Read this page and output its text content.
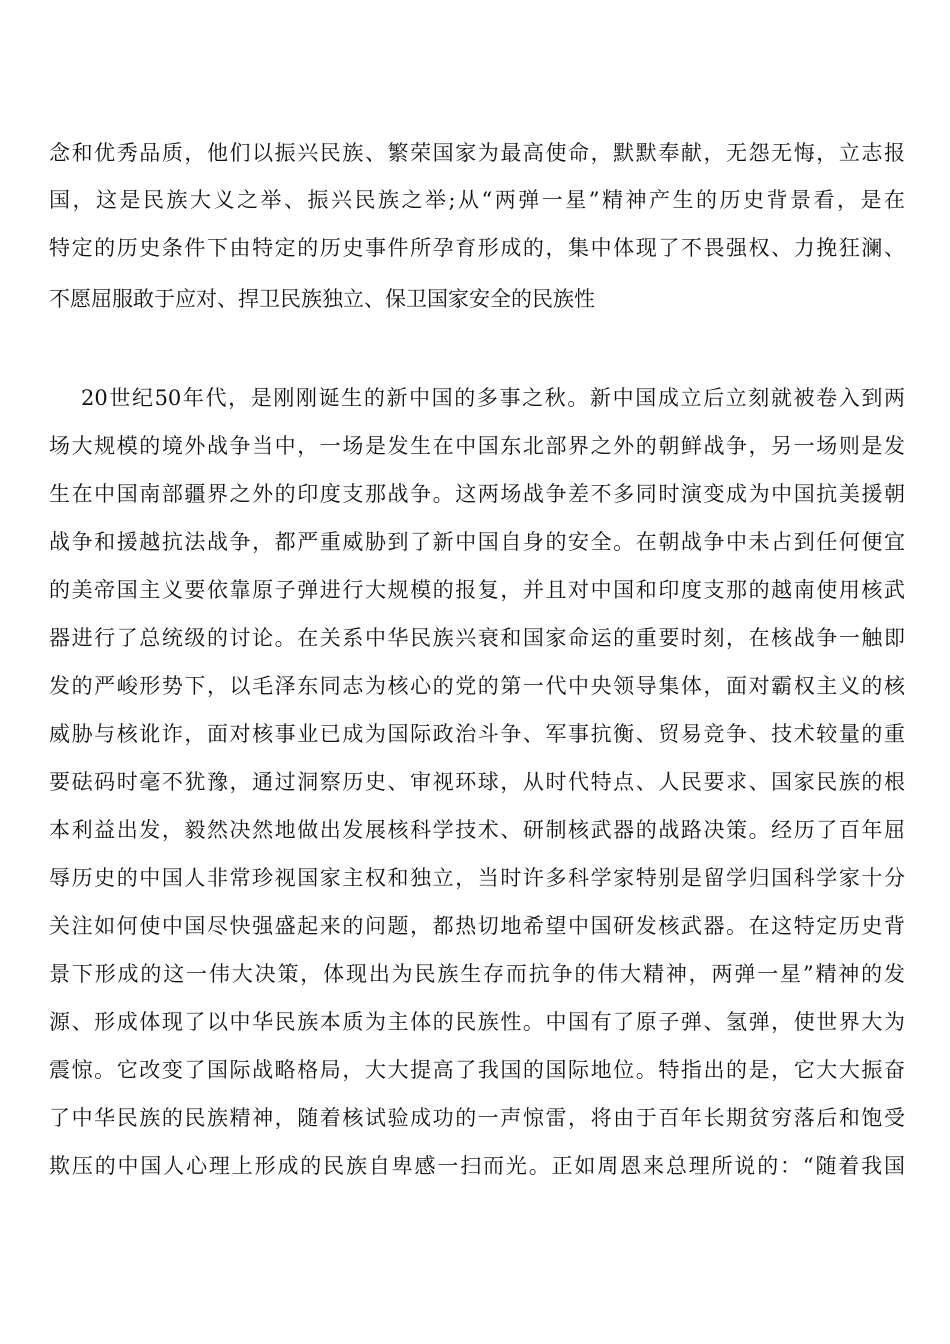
念和优秀品质，他们以振兴民族、繁荣国家为最高使命，默默奉献，无怨无悔，立志报
国，这是民族大义之举、振兴民族之举;从“两弹一星”精神产生的历史背景看，是在
特定的历史条件下由特定的历史事件所孕育形成的，集中体现了不畏强权、力挽狂澜、
不愿屈服敢于应对、捍卫民族独立、保卫国家安全的民族性
20世纪50年代，是刚刚诞生的新中国的多事之秋。新中国成立后立刻就被卷入到两
场大规模的境外战争当中，一场是发生在中国东北部界之外的朝鲜战争，另一场则是发
生在中国南部疆界之外的印度支那战争。这两场战争差不多同时演变成为中国抗美援朝
战争和援越抗法战争，都严重威胁到了新中国自身的安全。在朝战争中未占到任何便宜
的美帝国主义要依靠原子弹进行大规模的报复，并且对中国和印度支那的越南使用核武
器进行了总统级的讨论。在关系中华民族兴衰和国家命运的重要时刻，在核战争一触即
发的严峻形势下，以毛泽东同志为核心的党的第一代中央领导集体，面对霸权主义的核
威胁与核讹诈，面对核事业已成为国际政治斗争、军事抗衡、贸易竞争、技术较量的重
要砝码时毫不犹豫，通过洞察历史、审视环球，从时代特点、人民要求、国家民族的根
本利益出发，毅然决然地做出发展核科学技术、研制核武器的战路决策。经历了百年屈
辱历史的中国人非常珍视国家主权和独立，当时许多科学家特别是留学归国科学家十分
关注如何使中国尽快强盛起来的问题，都热切地希望中国研发核武器。在这特定历史背
景下形成的这一伟大决策，体现出为民族生存而抗争的伟大精神，两弹一星”精神的发
源、形成体现了以中华民族本质为主体的民族性。中国有了原子弹、氢弹，使世界大为
震惊。它改变了国际战略格局，大大提高了我国的国际地位。特指出的是，它大大振奋
了中华民族的民族精神，随着核试验成功的一声惊雷，将由于百年长期贫穷落后和饱受
欺压的中国人心理上形成的民族自卑感一扫而光。正如周恩来总理所说的：“随着我国
